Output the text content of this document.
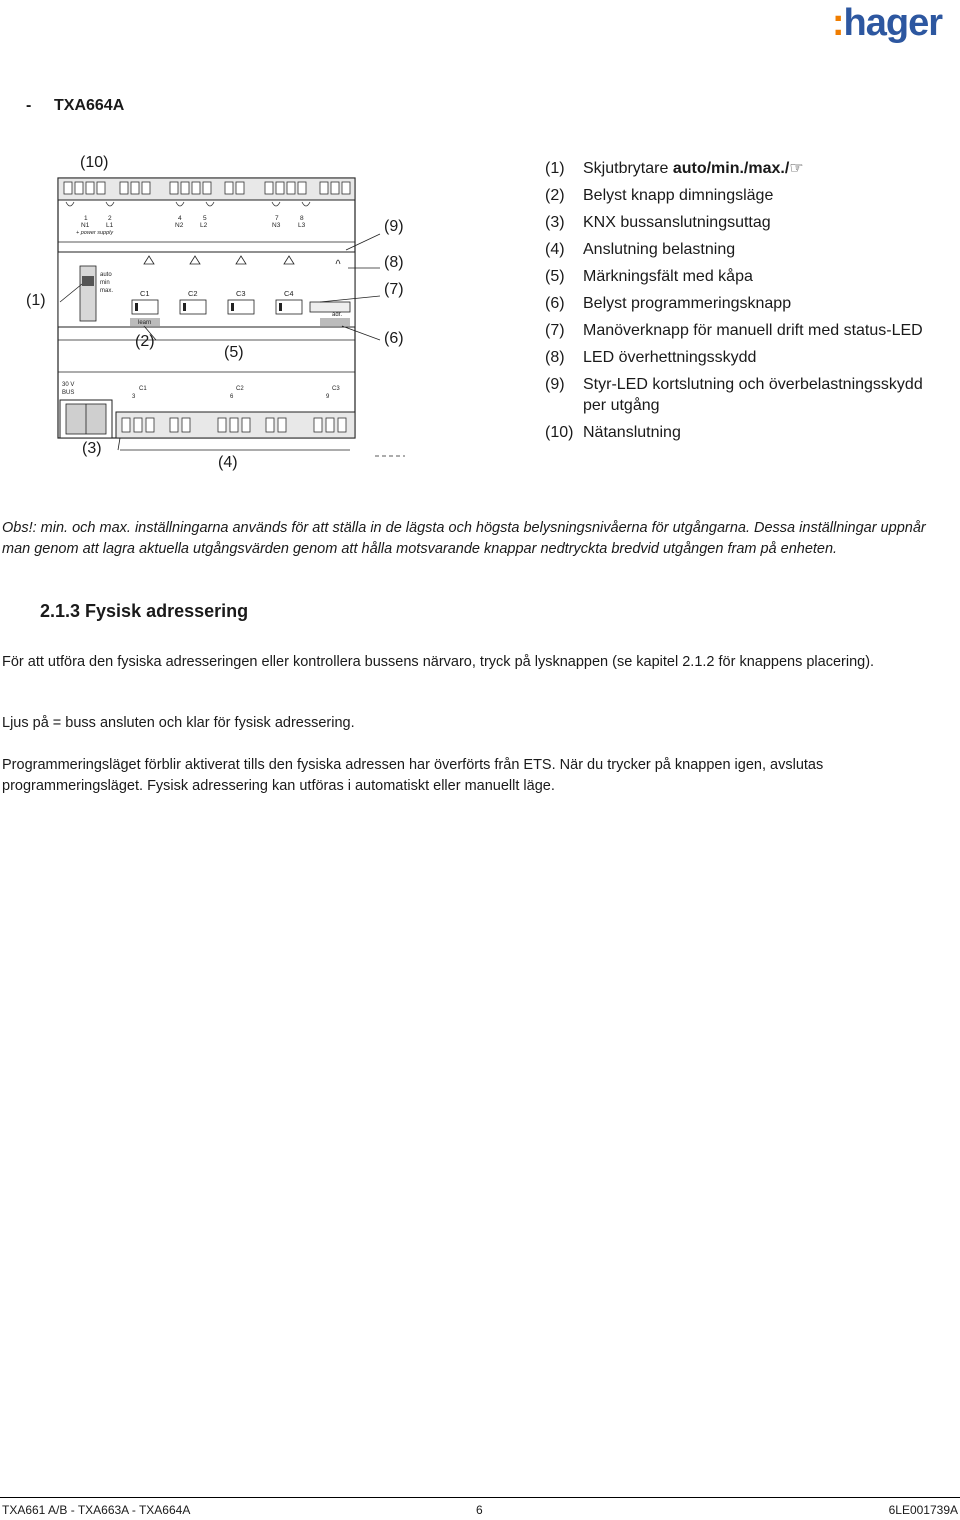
:hager
- TXA664A
1	2	4	5	7	8
N1	L1	N2	L2	N3	L3
+ power supply
auto
min
max.	C1	C2	C3	C4
learn
adr.
30 V
BUS
C1	C2	C3
3	6	9
(10)
(1)
(2)
(5)
(3)
(4)
(9)
(8)
(7)
(6)
(1)	Skjutbrytare auto/min./max./☞
(2)	Belyst knapp dimningsläge
(3)	KNX bussanslutningsuttag
(4)	Anslutning belastning
(5)	Märkningsfält med kåpa
(6)	Belyst programmeringsknapp
(7)	Manöverknapp för manuell drift med status-LED
(8)	LED överhettningsskydd
(9)	Styr-LED kortslutning och överbelastningsskydd per utgång
(10) Nätanslutning

Obs!: min. och max. inställningarna används för att ställa in de lägsta och högsta belysningsnivåerna för utgångarna. Dessa inställningar uppnår man genom att lagra aktuella utgångsvärden genom att hålla motsvarande knappar nedtryckta bredvid utgången fram på enheten.

2.1.3 Fysisk adressering

För att utföra den fysiska adresseringen eller kontrollera bussens närvaro, tryck på lysknappen (se kapitel 2.1.2 för knappens placering).

Ljus på = buss ansluten och klar för fysisk adressering.

Programmeringsläget förblir aktiverat tills den fysiska adressen har överförts från ETS. När du trycker på knappen igen, avslutas programmeringsläget. Fysisk adressering kan utföras i automatiskt eller manuellt läge.

TXA661 A/B - TXA663A - TXA664A	6	6LE001739A
